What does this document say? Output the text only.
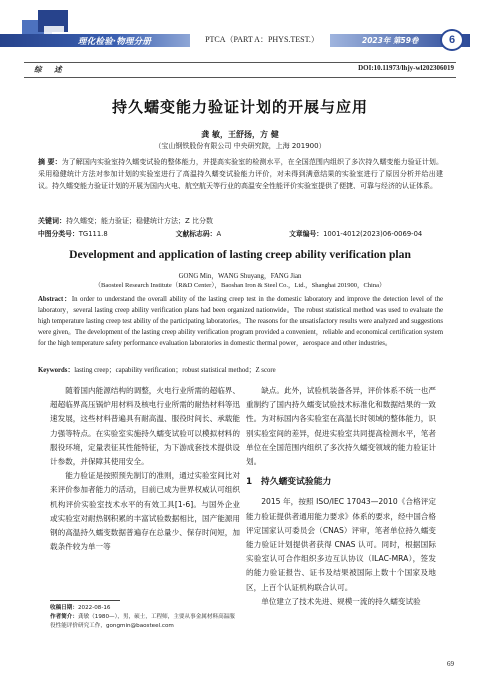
理化检验·物理分册	PTCA（PART A：PHYS.TEST.）	2023年 第59卷	6
综 述	DOI:10.11973/lhjy-wl202306019
持久蠕变能力验证计划的开展与应用
龚 敏，王舒扬，方 健
（宝山钢铁股份有限公司 中央研究院，上海 201900）
摘 要：为了解国内实验室持久蠕变试验的整体能力，并提高实验室的检测水平，在全国范围内组织了多次持久蠕变能力验证计划。采用稳健统计方法对参加计划的实验室进行了高温持久蠕变试验能力评价，对未得到满意结果的实验室进行了原因分析并给出建议。持久蠕变能力验证计划的开展为国内火电、航空航天等行业的高温安全性能评价实验室提供了便捷、可靠与经济的认证体系。
关键词：持久蠕变；能力验证；稳健统计方法；Z 比分数
中图分类号：TG111.8	文献标志码：A	文章编号：1001-4012(2023)06-0069-04
Development and application of lasting creep ability verification plan
GONG Min，WANG Shuyang，FANG Jian
（Baosteel Research Institute（R&D Center），Baoshan Iron & Steel Co.，Ltd.，Shanghai 201900，China）
Abstract：In order to understand the overall ability of the lasting creep test in the domestic laboratory and improve the detection level of the laboratory，several lasting creep ability verification plans had been organized nationwide。The robust statistical method was used to evaluate the high temperature lasting creep test ability of the participating laboratories。The reasons for the unsatisfactory results were analyzed and suggestions were given。The development of the lasting creep ability verification program provided a convenient，reliable and economical certification system for the high temperature safety performance evaluation laboratories in domestic thermal power，aerospace and other industries。
Keywords：lasting creep；capability verification；robust statistical method；Z score

随着国内能源结构的调整，火电行业所需的超临界、超超临界高压锅炉用材料及核电行业所需的耐热材料等迅速发展，这些材料普遍具有耐高温、服役时间长、承载能力强等特点。在实验室实施持久蠕变试验可以模拟材料的服役环境，定量表征其性能特征，为下游成套技术提供设计参数，并保障其使用安全。

能力验证是按照预先制订的准则，通过实验室间比对来评价参加者能力的活动，目前已成为世界权威认可组织机构评价实验室技术水平的有效工具[1-6]。与国外企业或实验室对耐热钢积累的丰富试验数据相比，国产能源用钢的高温持久蠕变数据普遍存在总量少、保存时间短，加载条件较为单一等

缺点。此外，试验机装备各异，评价体系不统一也严重制约了国内持久蠕变试验技术标准化和数据结果的一致性。为对标国内各实验室在高温长时领域的整体能力，识别实验室间的差异，促进实验室共同提高检测水平，笔者单位在全国范围内组织了多次持久蠕变领域的能力验证计划。

1　持久蠕变试验能力

2015 年，按照 ISO/IEC 17043—2010《合格评定 能力验证提供者通用能力要求》体系的要求，经中国合格评定国家认可委员会（CNAS）评审，笔者单位持久蠕变能力验证计划提供者获得 CNAS 认可。同时，根据国际实验室认可合作组织多边互认协议（ILAC-MRA），签发的能力验证报告、证书及结果被国际上数十个国家及地区，上百个认证机构联合认可。

单位建立了技术先进、规模一流的持久蠕变试验

收稿日期：2022-08-16
作者简介：龚敏（1980—），男，硕士，工程师，主要从事金属材料高温服役性能评价研究工作，gongmin@baosteel.com
69
